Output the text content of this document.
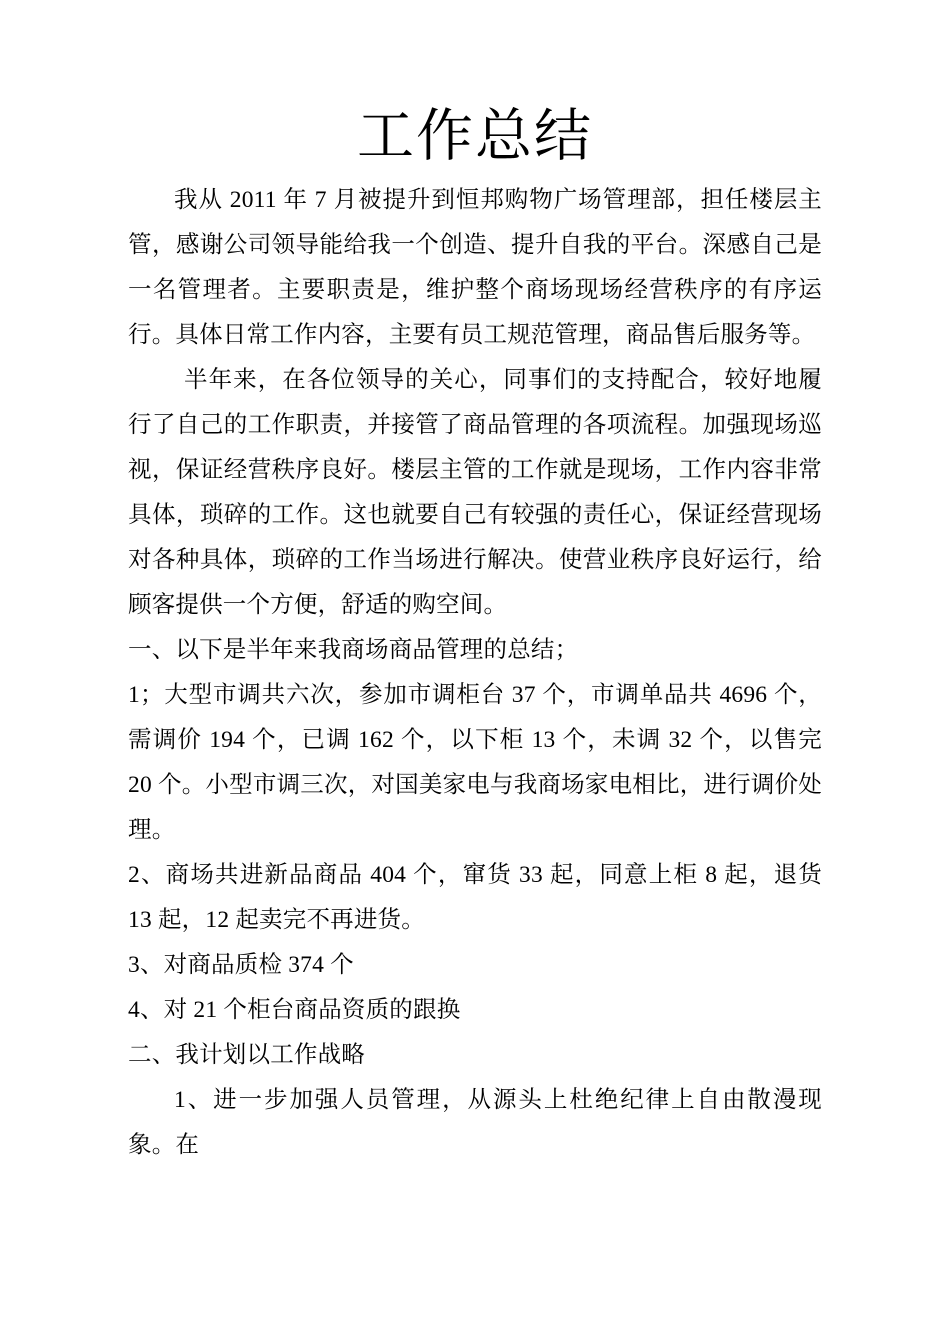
工作总结

我从 2011 年 7 月被提升到恒邦购物广场管理部，担任楼层主管，感谢公司领导能给我一个创造、提升自我的平台。深感自己是一名管理者。主要职责是，维护整个商场现场经营秩序的有序运行。具体日常工作内容，主要有员工规范管理，商品售后服务等。

半年来，在各位领导的关心，同事们的支持配合，较好地履行了自己的工作职责，并接管了商品管理的各项流程。加强现场巡视，保证经营秩序良好。楼层主管的工作就是现场，工作内容非常具体，琐碎的工作。这也就要自己有较强的责任心，保证经营现场对各种具体，琐碎的工作当场进行解决。使营业秩序良好运行，给顾客提供一个方便，舒适的购空间。

一、以下是半年来我商场商品管理的总结；

1；大型市调共六次，参加市调柜台 37 个，市调单品共 4696 个，需调价 194 个，已调 162 个，以下柜 13 个，未调 32 个，以售完 20 个。小型市调三次，对国美家电与我商场家电相比，进行调价处理。

2、商场共进新品商品 404 个，窜货 33 起，同意上柜 8 起，退货 13 起，12 起卖完不再进货。

3、对商品质检 374 个

4、对 21 个柜台商品资质的跟换

二、我计划以工作战略

1、进一步加强人员管理，从源头上杜绝纪律上自由散漫现象。在
